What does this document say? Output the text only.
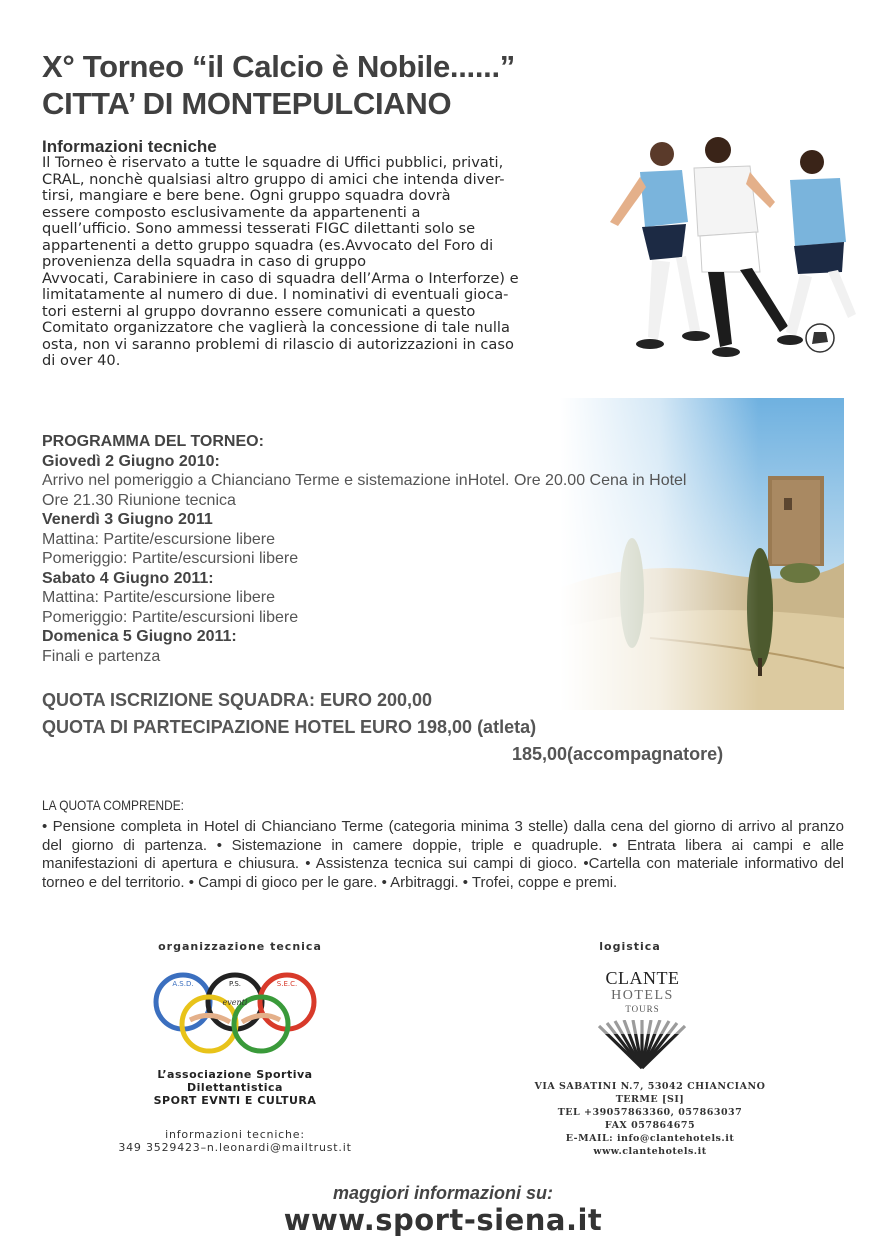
X° Torneo “il Calcio è Nobile......”
CITTA’ DI MONTEPULCIANO
Informazioni tecniche
Il Torneo è riservato a tutte le squadre di Uffici pubblici, privati,
CRAL, nonchè qualsiasi altro gruppo di amici che intenda diver-
tirsi, mangiare e bere bene. Ogni gruppo squadra dovrà
essere composto esclusivamente da appartenenti a
quell’ufficio. Sono ammessi tesserati FIGC dilettanti solo se
appartenenti a detto gruppo squadra (es.Avvocato del Foro di
provenienza della squadra in caso di gruppo
Avvocati, Carabiniere in caso di squadra dell’Arma o Interforze) e
limitatamente al numero di due. I nominativi di eventuali gioca-
tori esterni al gruppo dovranno essere comunicati a questo
Comitato organizzatore che vaglierà la concessione di tale nulla
osta, non vi saranno problemi di rilascio di autorizzazioni in caso
di over 40.
PROGRAMMA DEL TORNEO:
Giovedì 2 Giugno 2010:
Arrivo nel pomeriggio a Chianciano Terme e sistemazione inHotel. Ore 20.00 Cena in Hotel
Ore 21.30 Riunione tecnica
Venerdì 3 Giugno 2011
Mattina: Partite/escursione libere
Pomeriggio: Partite/escursioni libere
Sabato 4 Giugno 2011:
Mattina: Partite/escursione libere
Pomeriggio: Partite/escursioni libere
Domenica 5 Giugno 2011:
Finali e partenza
QUOTA ISCRIZIONE SQUADRA: EURO 200,00
QUOTA DI PARTECIPAZIONE HOTEL EURO 198,00 (atleta)
185,00(accompagnatore)
LA QUOTA COMPRENDE:
• Pensione completa in Hotel di Chianciano Terme (categoria minima 3 stelle) dalla cena del giorno di arrivo al pranzo del giorno di partenza. • Sistemazione in camere doppie, triple e quadruple. • Entrata libera ai campi e alle manifestazioni di apertura e chiusura. • Assistenza tecnica sui campi di gioco. •Cartella con materiale informativo del torneo e del territorio. • Campi di gioco per le gare. • Arbitraggi. • Trofei, coppe e premi.
organizzazione tecnica	logistica
A.S.D.	P.S.	S.E.C.
eventi
L’associazione Sportiva
Dilettantistica
SPORT EVNTI E CULTURA
informazioni tecniche:
349 3529423–n.leonardi@mailtrust.it
CLANTE
HOTELS
TOURS
VIA SABATINI N.7, 53042 CHIANCIANO
TERME [SI]
TEL +39057863360, 057863037
FAX 057864675
E-MAIL: info@clantehotels.it
www.clantehotels.it
maggiori informazioni su:
www.sport-siena.it
